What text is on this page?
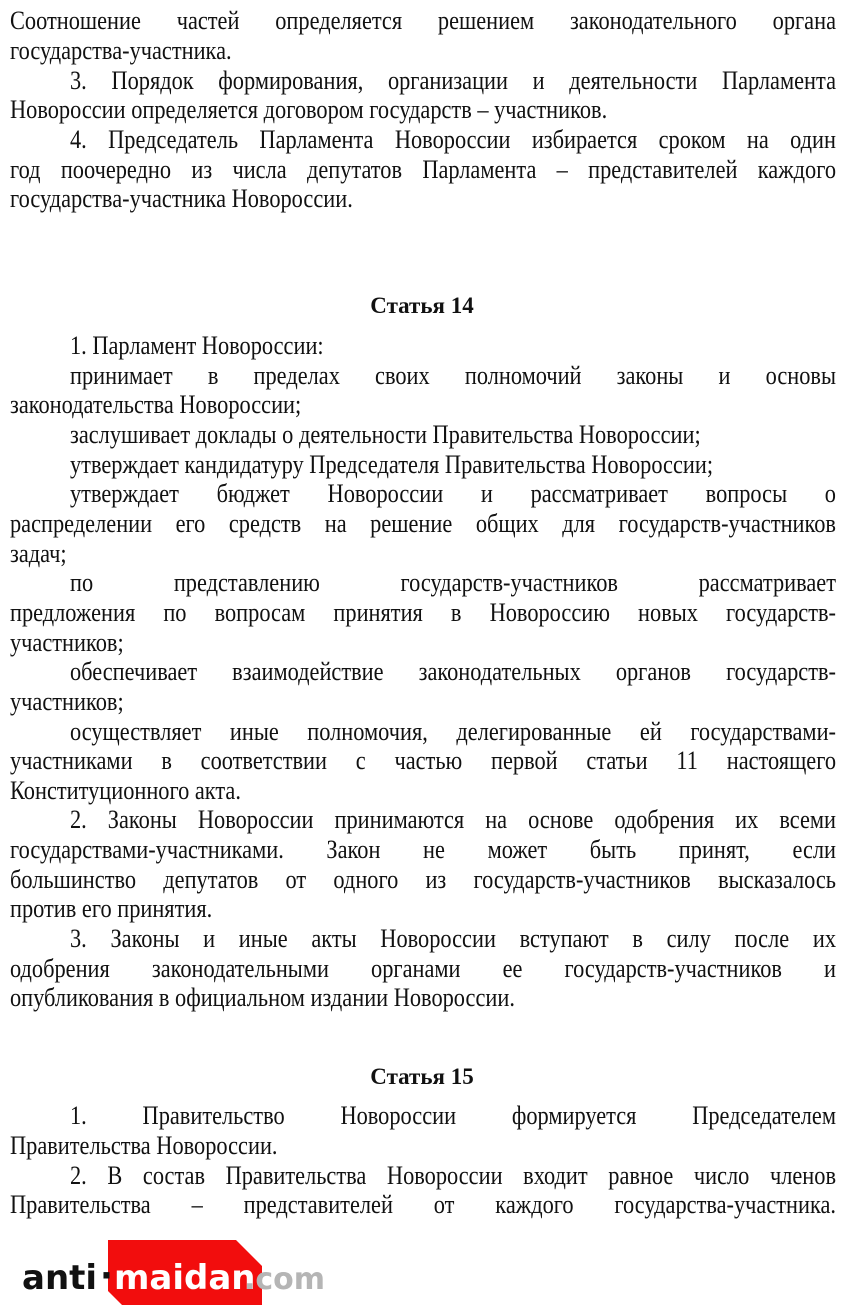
Соотношение частей определяется решением законодательного органа
государства-участника.
3. Порядок формирования, организации и деятельности Парламента
Новороссии определяется договором государств – участников.
4. Председатель Парламента Новороссии избирается сроком на один
год поочередно из числа депутатов Парламента – представителей каждого
государства-участника Новороссии.
Статья 14
1. Парламент Новороссии:
принимает в пределах своих полномочий законы и основы
законодательства Новороссии;
заслушивает доклады о деятельности Правительства Новороссии;
утверждает кандидатуру Председателя Правительства Новороссии;
утверждает бюджет Новороссии и рассматривает вопросы о
распределении его средств на решение общих для государств-участников
задач;
по представлению государств-участников рассматривает
предложения по вопросам принятия в Новороссию новых государств-
участников;
обеспечивает взаимодействие законодательных органов государств-
участников;
осуществляет иные полномочия, делегированные ей государствами-
участниками в соответствии с частью первой статьи 11 настоящего
Конституционного акта.
2. Законы Новороссии принимаются на основе одобрения их всеми
государствами-участниками. Закон не может быть принят, если
большинство депутатов от одного из государств-участников высказалось
против его принятия.
3. Законы и иные акты Новороссии вступают в силу после их
одобрения законодательными органами ее государств-участников и
опубликования в официальном издании Новороссии.
Статья 15
1. Правительство Новороссии формируется Председателем
Правительства Новороссии.
2. В состав Правительства Новороссии входит равное число членов
Правительства – представителей от каждого государства-участника.
anti · maidan
.com
